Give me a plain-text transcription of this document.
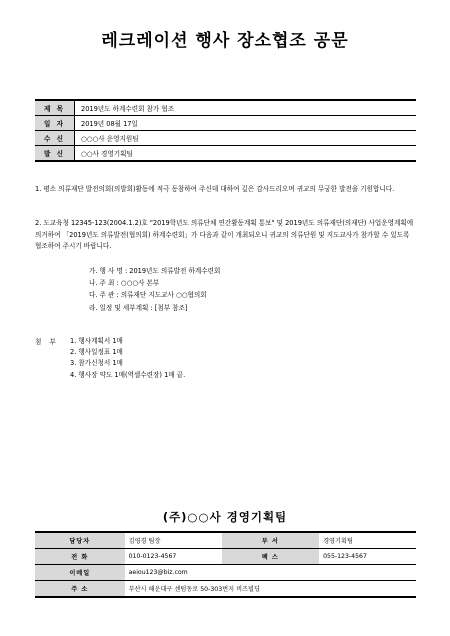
레크레이션 행사 장소협조 공문
제 목	2019년도 하계수련회 참가 협조
일 자	2019년 08월 17일
수 신	○○○사 운영지원팀
발 신	○○사 경영기획팀
1. 평소 의류재단 발전의회(의발회)활동에 적극 동참하여 주신데 대하여 깊은 감사드리오며 귀교의 무궁한 발전을 기원합니다.
2. 도교육청 12345-123(2004.1.2)호 "2019학년도 의류단체 연간활동계획 통보" 및 2019년도 의류재단(의재단) 사업운영계획에 의거하여 「2019년도 의류발전(협의회) 하계수련회」가 다음과 같이 개최되오니 귀교의 의류단원 및 지도교사가 참가할 수 있도록 협조하여 주시기 바랍니다.
가. 행 사 명 : 2019년도 의류발전 하계수련회
나. 주 최 : ○○○사 본부
다. 주 관 : 의류재단 지도교사 ○○협의회
라. 일정 및 세부계획 : [첨부 참조]
첨 부 1. 행사계획서 1매
2. 행사일정표 1매
3. 참가신청서 1매
4. 행사장 약도 1매(역셀수련장) 1매 끝.
(주)○○사 경영기획팀
담당자	김영경 팀장	부 서	경영기획팀
전 화	010-0123-4567	팩 스	055-123-4567
이메일	aeiou123@biz.com		
주 소	부산시 해운대구 센텀동로 50-303번지 비즈빌딩		
